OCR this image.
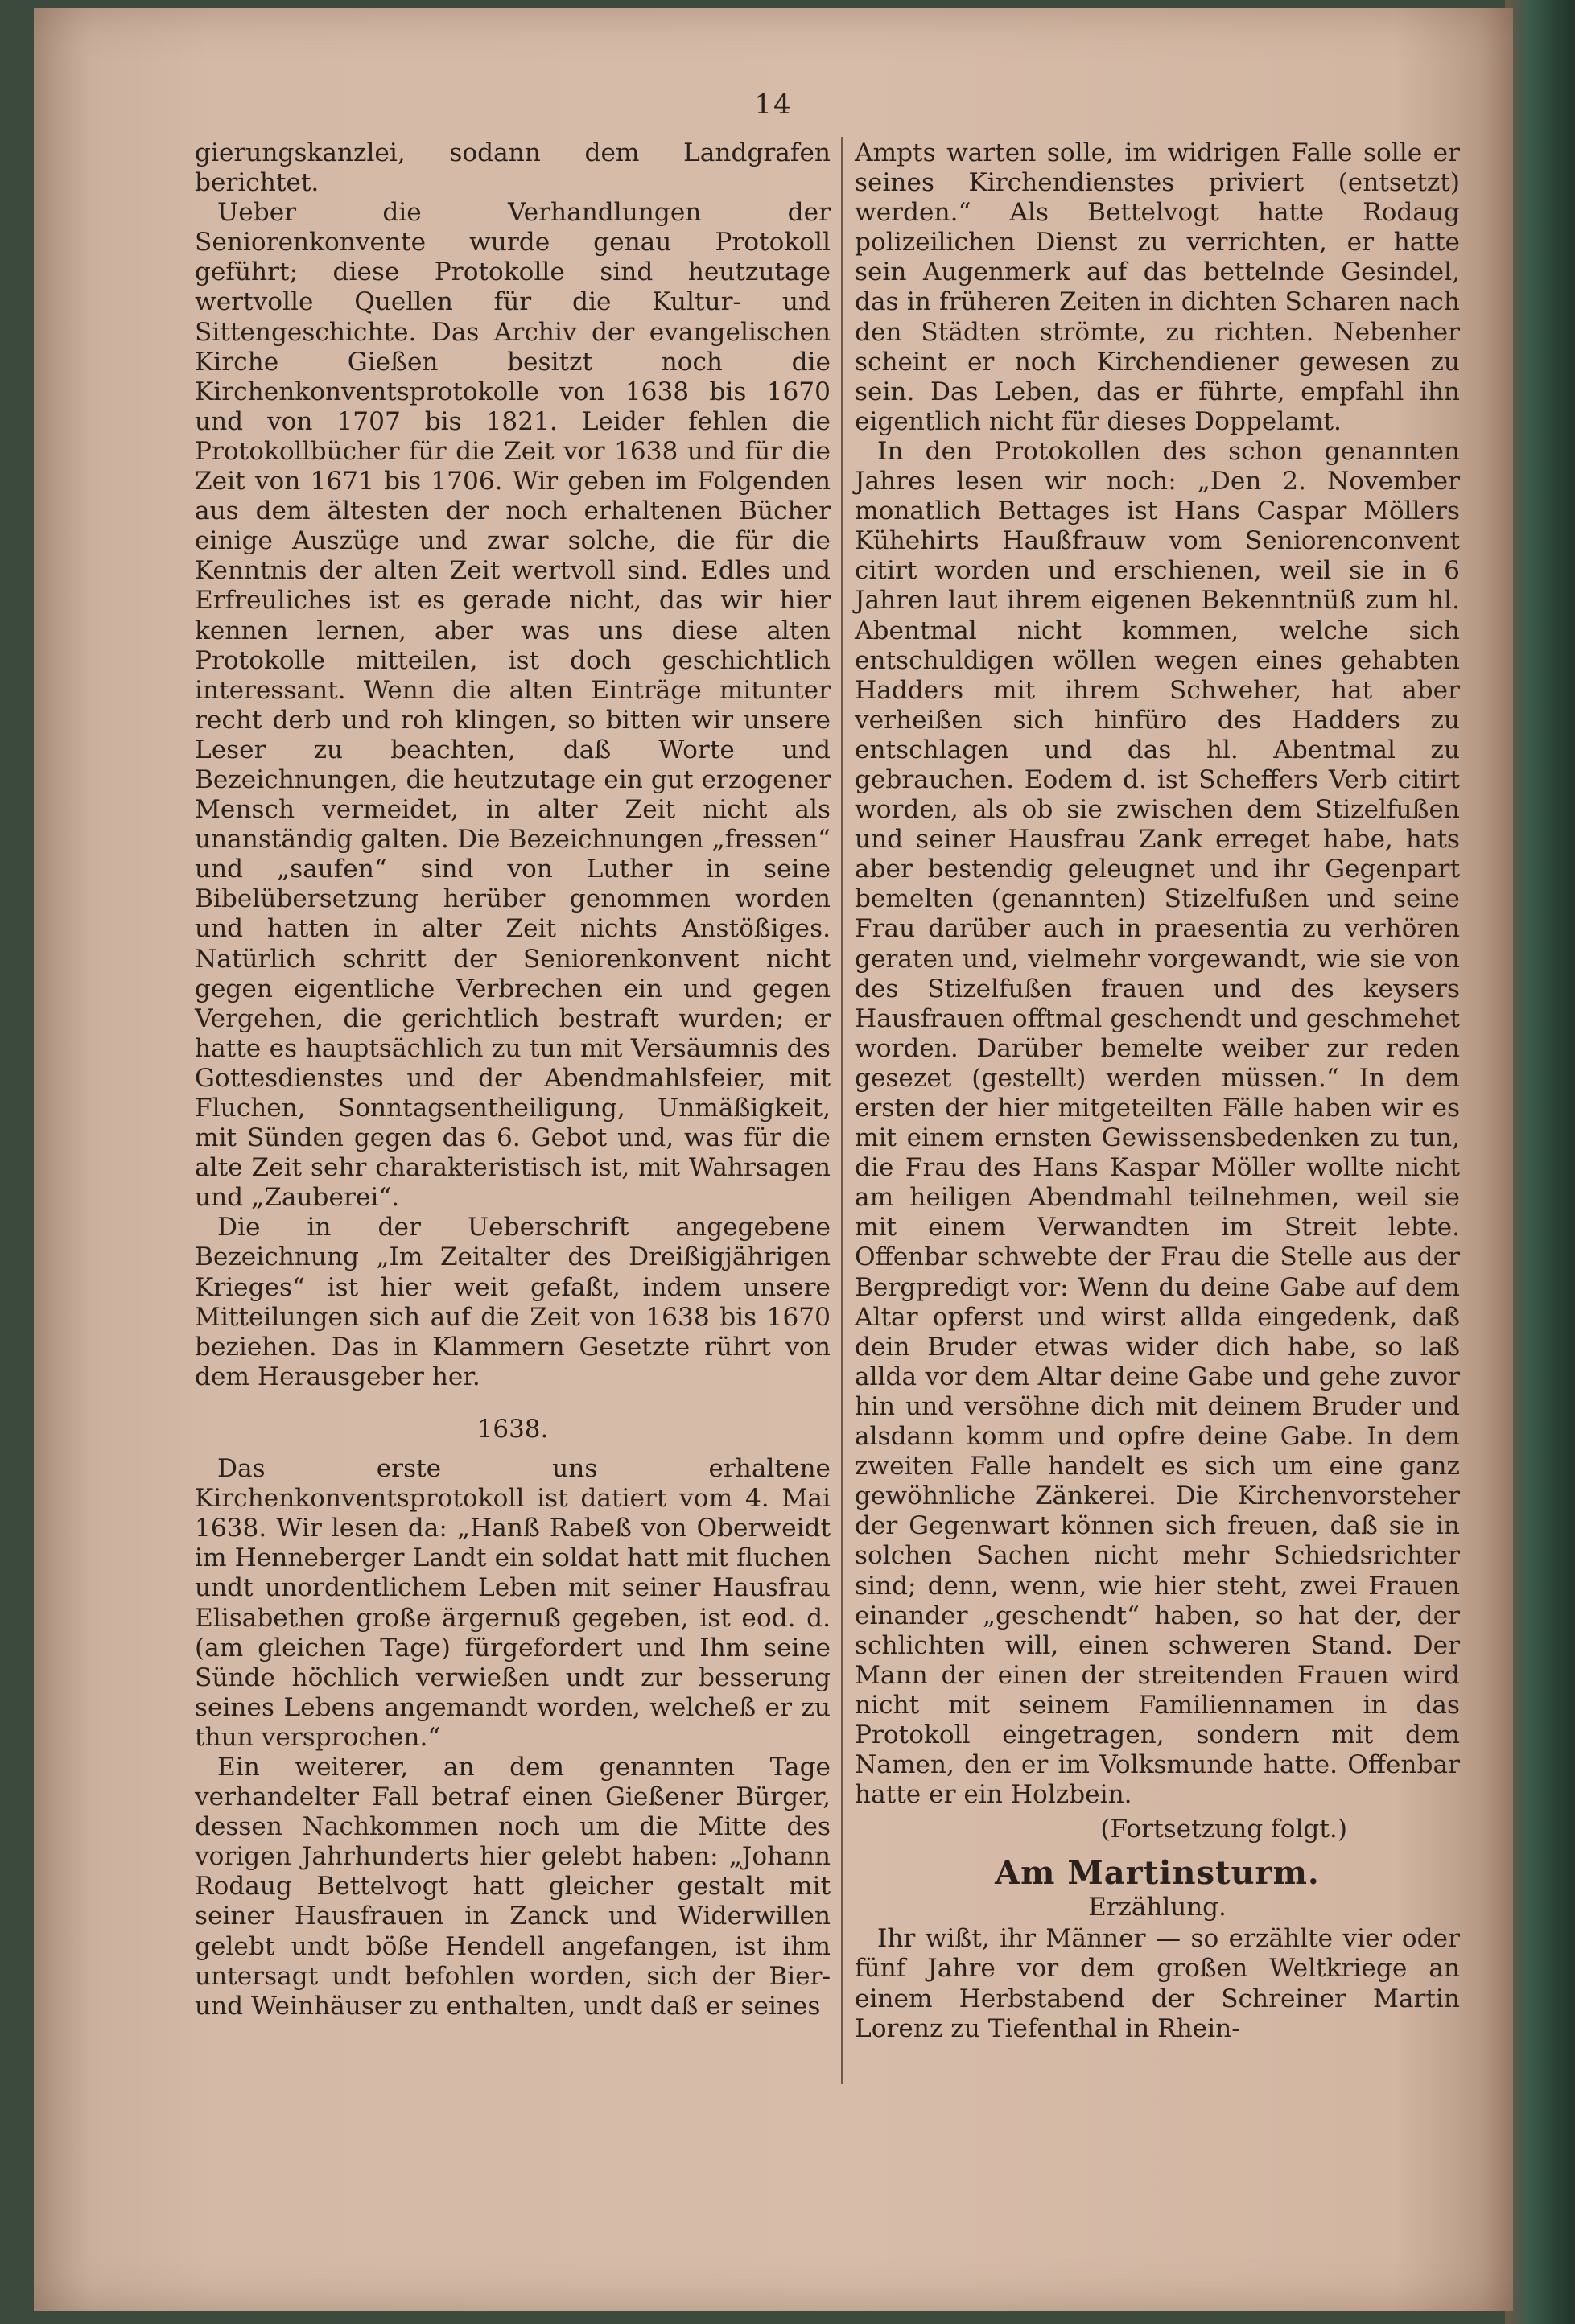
14

gierungskanzlei, sodann dem Landgrafen berichtet.

Ueber die Verhandlungen der Seniorenkonvente wurde genau Protokoll geführt; diese Protokolle sind heutzutage wertvolle Quellen für die Kultur- und Sittengeschichte. Das Archiv der evangelischen Kirche Gießen besitzt noch die Kirchenkonventsprotokolle von 1638 bis 1670 und von 1707 bis 1821. Leider fehlen die Protokollbücher für die Zeit vor 1638 und für die Zeit von 1671 bis 1706. Wir geben im Folgenden aus dem ältesten der noch erhaltenen Bücher einige Auszüge und zwar solche, die für die Kenntnis der alten Zeit wertvoll sind. Edles und Erfreuliches ist es gerade nicht, das wir hier kennen lernen, aber was uns diese alten Protokolle mitteilen, ist doch geschichtlich interessant. Wenn die alten Einträge mitunter recht derb und roh klingen, so bitten wir unsere Leser zu beachten, daß Worte und Bezeichnungen, die heutzutage ein gut erzogener Mensch vermeidet, in alter Zeit nicht als unanständig galten. Die Bezeichnungen „fressen“ und „saufen“ sind von Luther in seine Bibelübersetzung herüber genommen worden und hatten in alter Zeit nichts Anstößiges. Natürlich schritt der Seniorenkonvent nicht gegen eigentliche Verbrechen ein und gegen Vergehen, die gerichtlich bestraft wurden; er hatte es hauptsächlich zu tun mit Versäumnis des Gottesdienstes und der Abendmahlsfeier, mit Fluchen, Sonntagsentheiligung, Unmäßigkeit, mit Sünden gegen das 6. Gebot und, was für die alte Zeit sehr charakteristisch ist, mit Wahrsagen und „Zauberei“.

Die in der Ueberschrift angegebene Bezeichnung „Im Zeitalter des Dreißigjährigen Krieges“ ist hier weit gefaßt, indem unsere Mitteilungen sich auf die Zeit von 1638 bis 1670 beziehen. Das in Klammern Gesetzte rührt von dem Herausgeber her.

1638.

Das erste uns erhaltene Kirchenkonventsprotokoll ist datiert vom 4. Mai 1638. Wir lesen da: „Hanß Rabeß von Oberweidt im Henneberger Landt ein soldat hatt mit fluchen undt unordentlichem Leben mit seiner Hausfrau Elisabethen große ärgernuß gegeben, ist eod. d. (am gleichen Tage) fürgefordert und Ihm seine Sünde höchlich verwießen undt zur besserung seines Lebens angemandt worden, welcheß er zu thun versprochen.“

Ein weiterer, an dem genannten Tage verhandelter Fall betraf einen Gießener Bürger, dessen Nachkommen noch um die Mitte des vorigen Jahrhunderts hier gelebt haben: „Johann Rodaug Bettelvogt hatt gleicher gestalt mit seiner Hausfrauen in Zanck und Widerwillen gelebt undt böße Hendell angefangen, ist ihm untersagt undt befohlen worden, sich der Bier- und Weinhäuser zu enthalten, undt daß er seines

Ampts warten solle, im widrigen Falle solle er seines Kirchendienstes priviert (entsetzt) werden.“ Als Bettelvogt hatte Rodaug polizeilichen Dienst zu verrichten, er hatte sein Augenmerk auf das bettelnde Gesindel, das in früheren Zeiten in dichten Scharen nach den Städten strömte, zu richten. Nebenher scheint er noch Kirchendiener gewesen zu sein. Das Leben, das er führte, empfahl ihn eigentlich nicht für dieses Doppelamt.

In den Protokollen des schon genannten Jahres lesen wir noch: „Den 2. November monatlich Bettages ist Hans Caspar Möllers Kühehirts Haußfrauw vom Seniorenconvent citirt worden und erschienen, weil sie in 6 Jahren laut ihrem eigenen Bekenntnüß zum hl. Abentmal nicht kommen, welche sich entschuldigen wöllen wegen eines gehabten Hadders mit ihrem Schweher, hat aber verheißen sich hinfüro des Hadders zu entschlagen und das hl. Abentmal zu gebrauchen. Eodem d. ist Scheffers Verb citirt worden, als ob sie zwischen dem Stizelfußen und seiner Hausfrau Zank erreget habe, hats aber bestendig geleugnet und ihr Gegenpart bemelten (genannten) Stizelfußen und seine Frau darüber auch in praesentia zu verhören geraten und, vielmehr vorgewandt, wie sie von des Stizelfußen frauen und des keysers Hausfrauen offtmal geschendt und geschmehet worden. Darüber bemelte weiber zur reden gesezet (gestellt) werden müssen.“ In dem ersten der hier mitgeteilten Fälle haben wir es mit einem ernsten Gewissensbedenken zu tun, die Frau des Hans Kaspar Möller wollte nicht am heiligen Abendmahl teilnehmen, weil sie mit einem Verwandten im Streit lebte. Offenbar schwebte der Frau die Stelle aus der Bergpredigt vor: Wenn du deine Gabe auf dem Altar opferst und wirst allda eingedenk, daß dein Bruder etwas wider dich habe, so laß allda vor dem Altar deine Gabe und gehe zuvor hin und versöhne dich mit deinem Bruder und alsdann komm und opfre deine Gabe. In dem zweiten Falle handelt es sich um eine ganz gewöhnliche Zänkerei. Die Kirchenvorsteher der Gegenwart können sich freuen, daß sie in solchen Sachen nicht mehr Schiedsrichter sind; denn, wenn, wie hier steht, zwei Frauen einander „geschendt“ haben, so hat der, der schlichten will, einen schweren Stand. Der Mann der einen der streitenden Frauen wird nicht mit seinem Familiennamen in das Protokoll eingetragen, sondern mit dem Namen, den er im Volksmunde hatte. Offenbar hatte er ein Holzbein.

(Fortsetzung folgt.)
Am Martinsturm.
Erzählung.

Ihr wißt, ihr Männer — so erzählte vier oder fünf Jahre vor dem großen Weltkriege an einem Herbstabend der Schreiner Martin Lorenz zu Tiefenthal in Rhein-
